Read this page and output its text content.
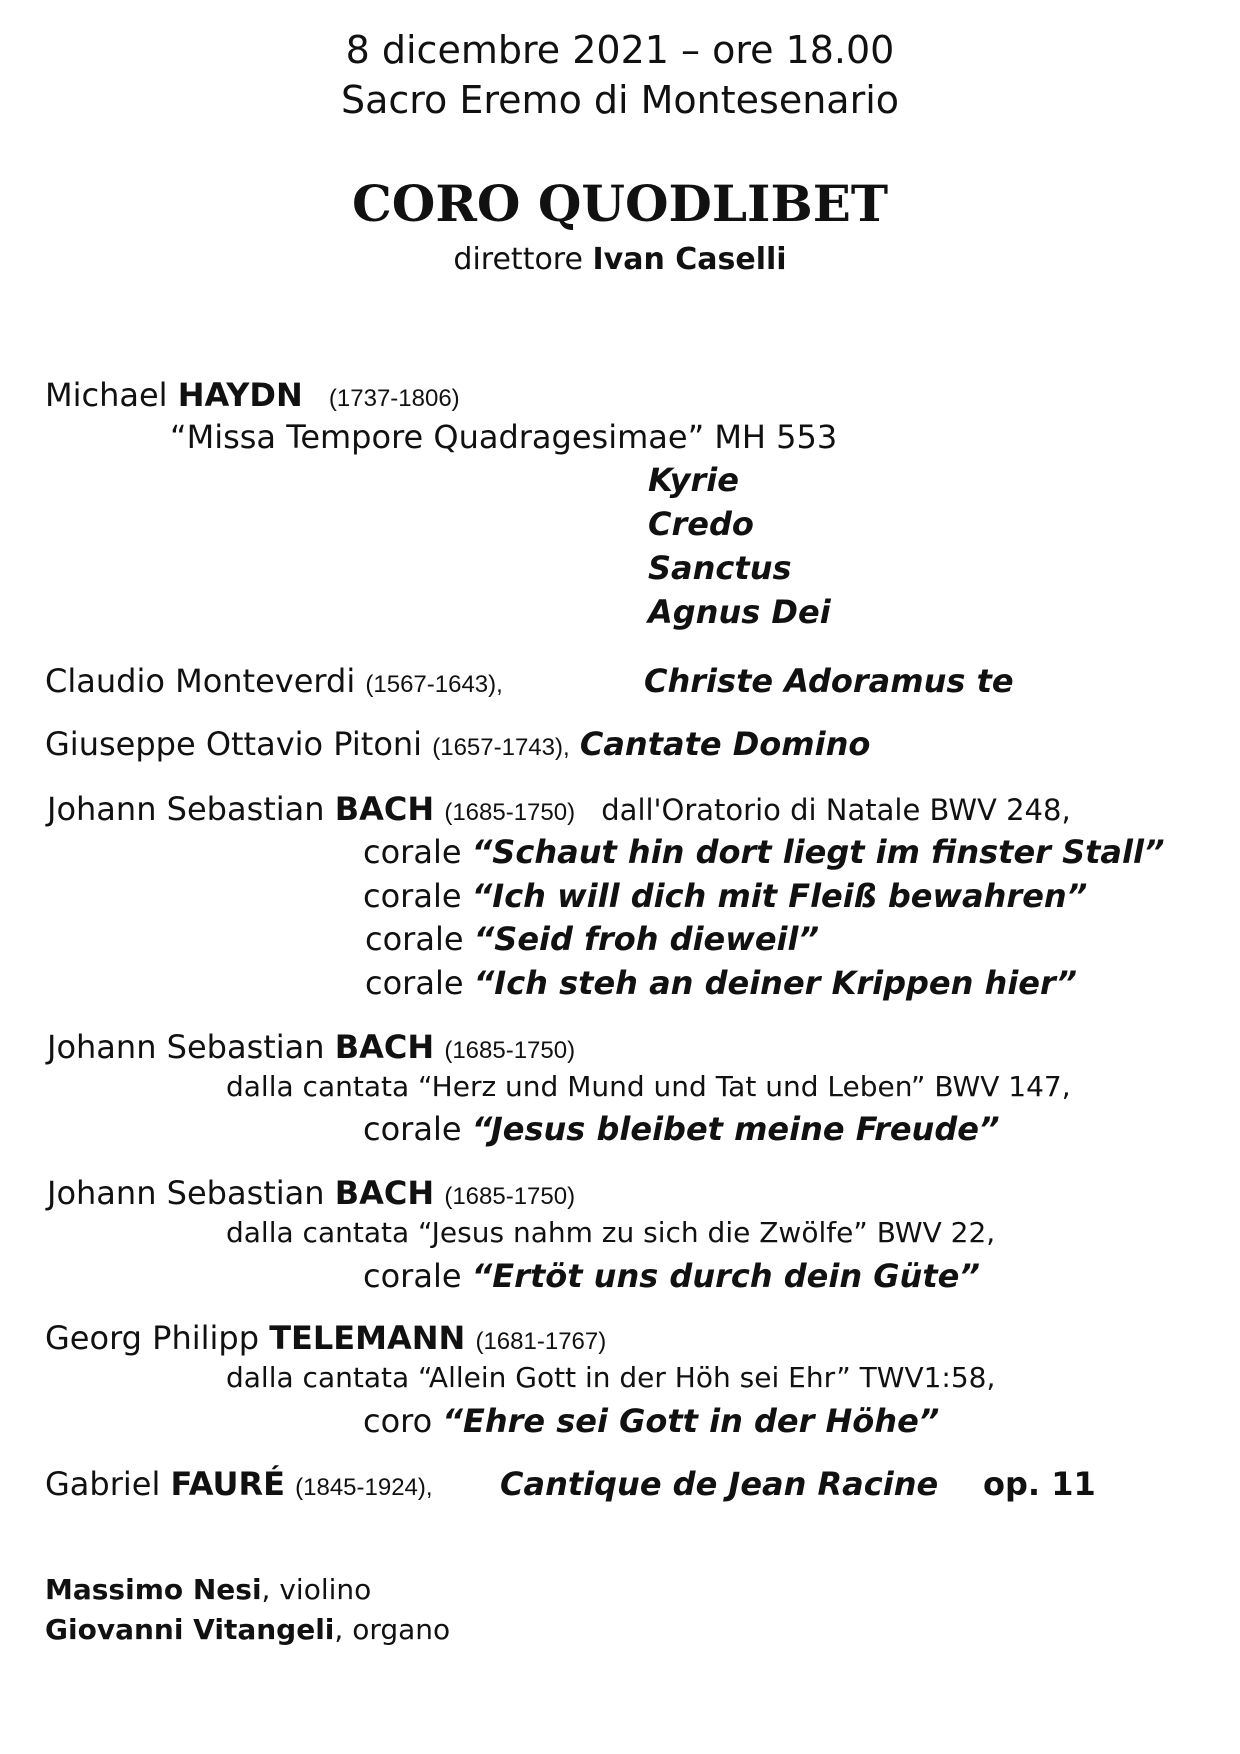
8 dicembre 2021 – ore 18.00
Sacro Eremo di Montesenario
CORO QUODLIBET
direttore Ivan Caselli
Michael HAYDN (1737-1806)
“Missa Tempore Quadragesimae” MH 553
Kyrie
Credo
Sanctus
Agnus Dei
Claudio Monteverdi (1567-1643),	Christe Adoramus te
Giuseppe Ottavio Pitoni (1657-1743), Cantate Domino
Johann Sebastian BACH (1685-1750) dall'Oratorio di Natale BWV 248,
corale “Schaut hin dort liegt im finster Stall”
corale “Ich will dich mit Fleiß bewahren”
corale “Seid froh dieweil”
corale “Ich steh an deiner Krippen hier”
Johann Sebastian BACH (1685-1750)
dalla cantata “Herz und Mund und Tat und Leben” BWV 147,
corale “Jesus bleibet meine Freude”
Johann Sebastian BACH (1685-1750)
dalla cantata “Jesus nahm zu sich die Zwölfe” BWV 22,
corale “Ertöt uns durch dein Güte”
Georg Philipp TELEMANN (1681-1767)
dalla cantata “Allein Gott in der Höh sei Ehr” TWV1:58,
coro “Ehre sei Gott in der Höhe”
Gabriel FAURÉ (1845-1924), Cantique de Jean Racine op. 11
Massimo Nesi, violino
Giovanni Vitangeli, organo
